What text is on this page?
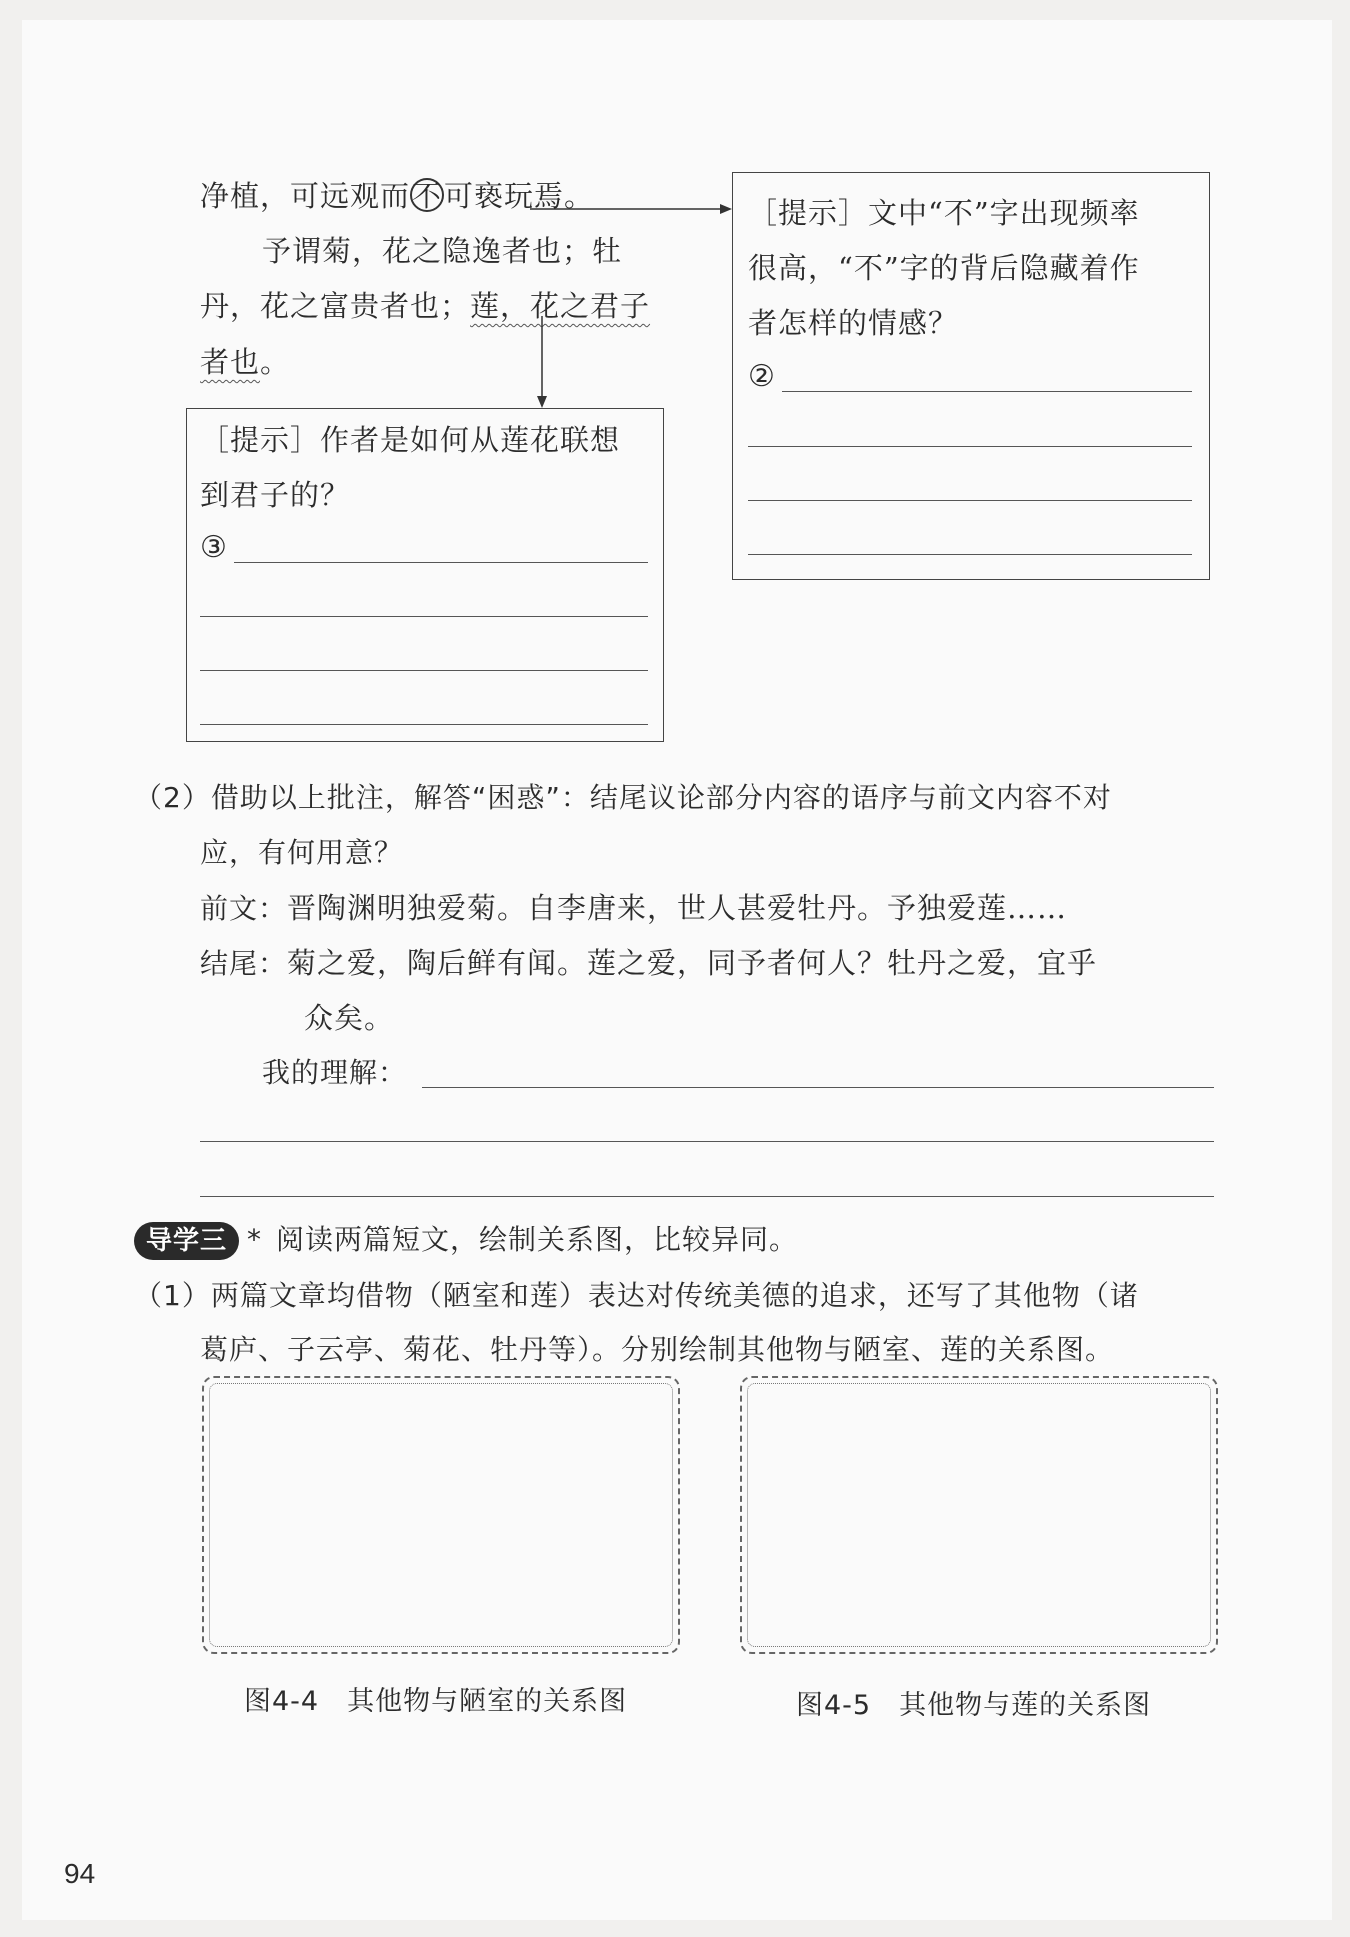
净植，可远观而不可亵玩焉。
予谓菊，花之隐逸者也；牡
丹，花之富贵者也；莲，花之君子
者也。
［提示］文中“不”字出现频率
很高，“不”字的背后隐藏着作
者怎样的情感？
②
［提示］作者是如何从莲花联想
到君子的？
③
（2）借助以上批注，解答“困惑”：结尾议论部分内容的语序与前文内容不对
应，有何用意？
前文：晋陶渊明独爱菊。自李唐来，世人甚爱牡丹。予独爱莲……
结尾：菊之爱，陶后鲜有闻。莲之爱，同予者何人？牡丹之爱，宜乎
众矣。
我的理解：
导学三 * 阅读两篇短文，绘制关系图，比较异同。
（1）两篇文章均借物（陋室和莲）表达对传统美德的追求，还写了其他物（诸
葛庐、子云亭、菊花、牡丹等）。分别绘制其他物与陋室、莲的关系图。
图4-4　其他物与陋室的关系图	图4-5　其他物与莲的关系图
94
